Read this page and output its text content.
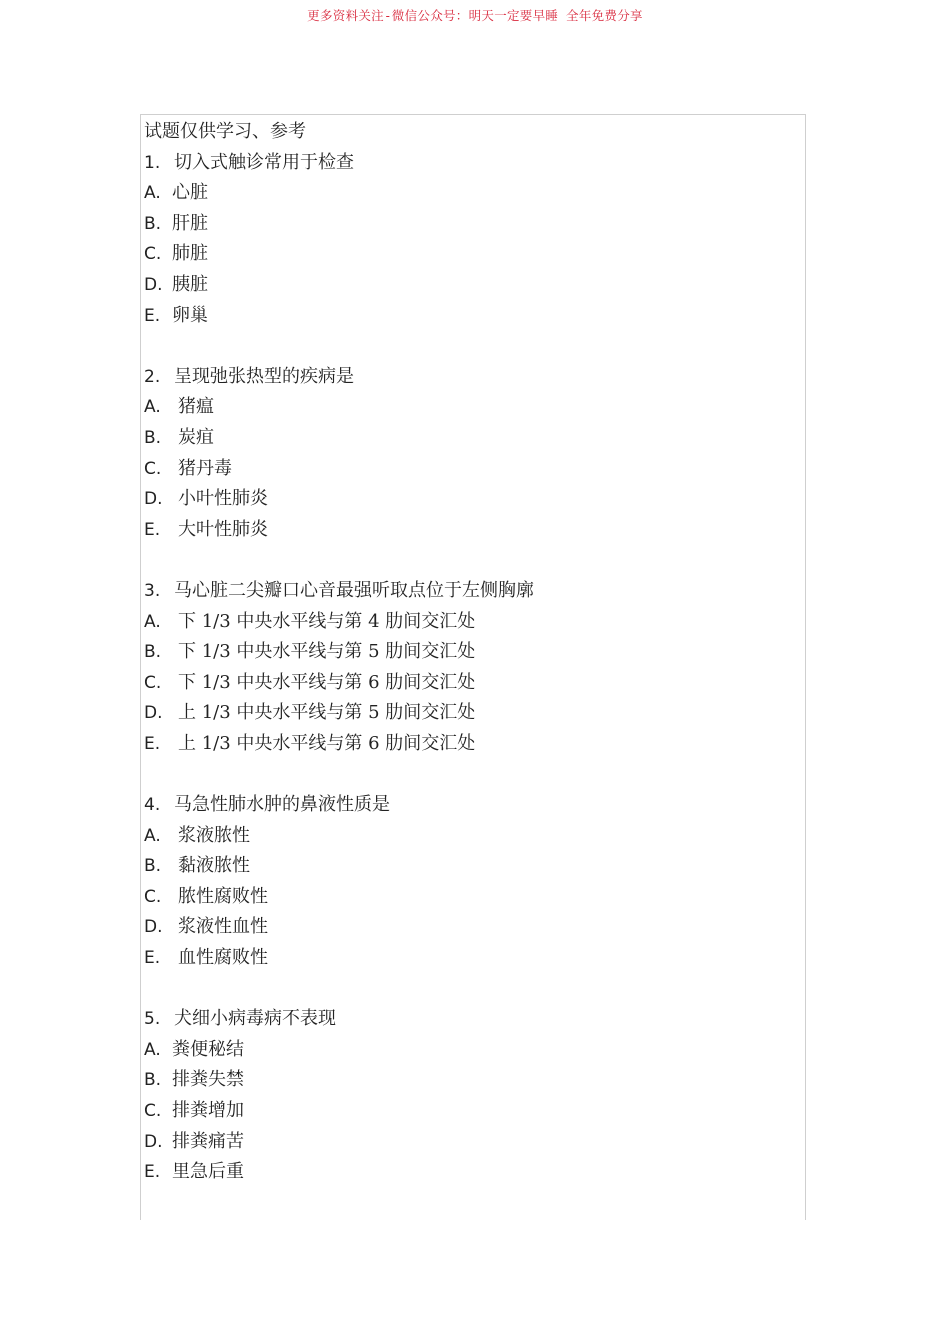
更多资料关注-微信公众号：明天一定要早睡 全年免费分享
试题仅供学习、参考
1. 切入式触诊常用于检查
A. 心脏
B. 肝脏
C. 肺脏
D. 胰脏
E. 卵巢
2. 呈现弛张热型的疾病是
A. 猪瘟
B. 炭疽
C. 猪丹毒
D. 小叶性肺炎
E. 大叶性肺炎
3. 马心脏二尖瓣口心音最强听取点位于左侧胸廓
A. 下 1/3 中央水平线与第 4 肋间交汇处
B. 下 1/3 中央水平线与第 5 肋间交汇处
C. 下 1/3 中央水平线与第 6 肋间交汇处
D. 上 1/3 中央水平线与第 5 肋间交汇处
E. 上 1/3 中央水平线与第 6 肋间交汇处
4. 马急性肺水肿的鼻液性质是
A. 浆液脓性
B. 黏液脓性
C. 脓性腐败性
D. 浆液性血性
E. 血性腐败性
5. 犬细小病毒病不表现
A. 粪便秘结
B. 排粪失禁
C. 排粪增加
D. 排粪痛苦
E. 里急后重
